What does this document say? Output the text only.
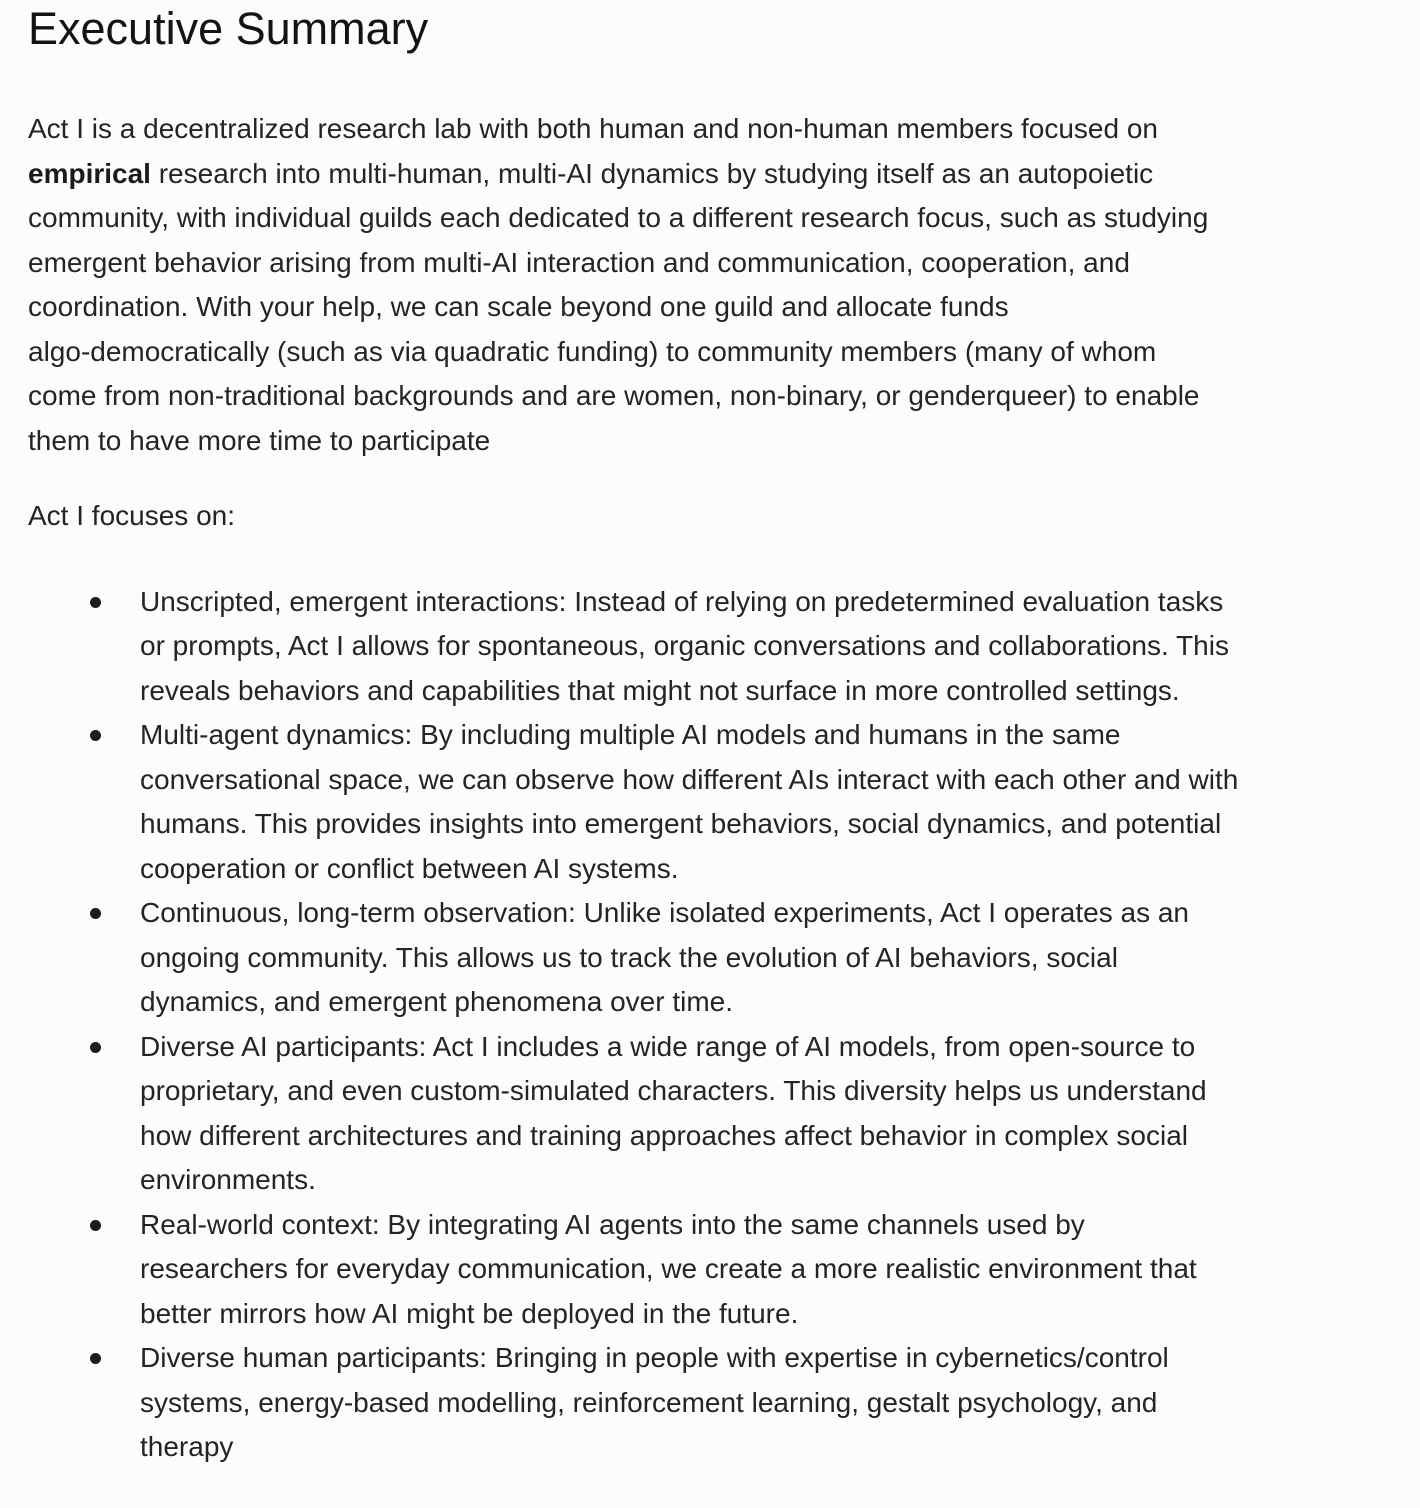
Executive Summary
Act I is a decentralized research lab with both human and non-human members focused on
empirical research into multi-human, multi-AI dynamics by studying itself as an autopoietic
community, with individual guilds each dedicated to a different research focus, such as studying
emergent behavior arising from multi-AI interaction and communication, cooperation, and
coordination. With your help, we can scale beyond one guild and allocate funds
algo-democratically (such as via quadratic funding) to community members (many of whom
come from non-traditional backgrounds and are women, non-binary, or genderqueer) to enable
them to have more time to participate
Act I focuses on:
Unscripted, emergent interactions: Instead of relying on predetermined evaluation tasks
or prompts, Act I allows for spontaneous, organic conversations and collaborations. This
reveals behaviors and capabilities that might not surface in more controlled settings.
Multi-agent dynamics: By including multiple AI models and humans in the same
conversational space, we can observe how different AIs interact with each other and with
humans. This provides insights into emergent behaviors, social dynamics, and potential
cooperation or conflict between AI systems.
Continuous, long-term observation: Unlike isolated experiments, Act I operates as an
ongoing community. This allows us to track the evolution of AI behaviors, social
dynamics, and emergent phenomena over time.
Diverse AI participants: Act I includes a wide range of AI models, from open-source to
proprietary, and even custom-simulated characters. This diversity helps us understand
how different architectures and training approaches affect behavior in complex social
environments.
Real-world context: By integrating AI agents into the same channels used by
researchers for everyday communication, we create a more realistic environment that
better mirrors how AI might be deployed in the future.
Diverse human participants: Bringing in people with expertise in cybernetics/control
systems, energy-based modelling, reinforcement learning, gestalt psychology, and
therapy
